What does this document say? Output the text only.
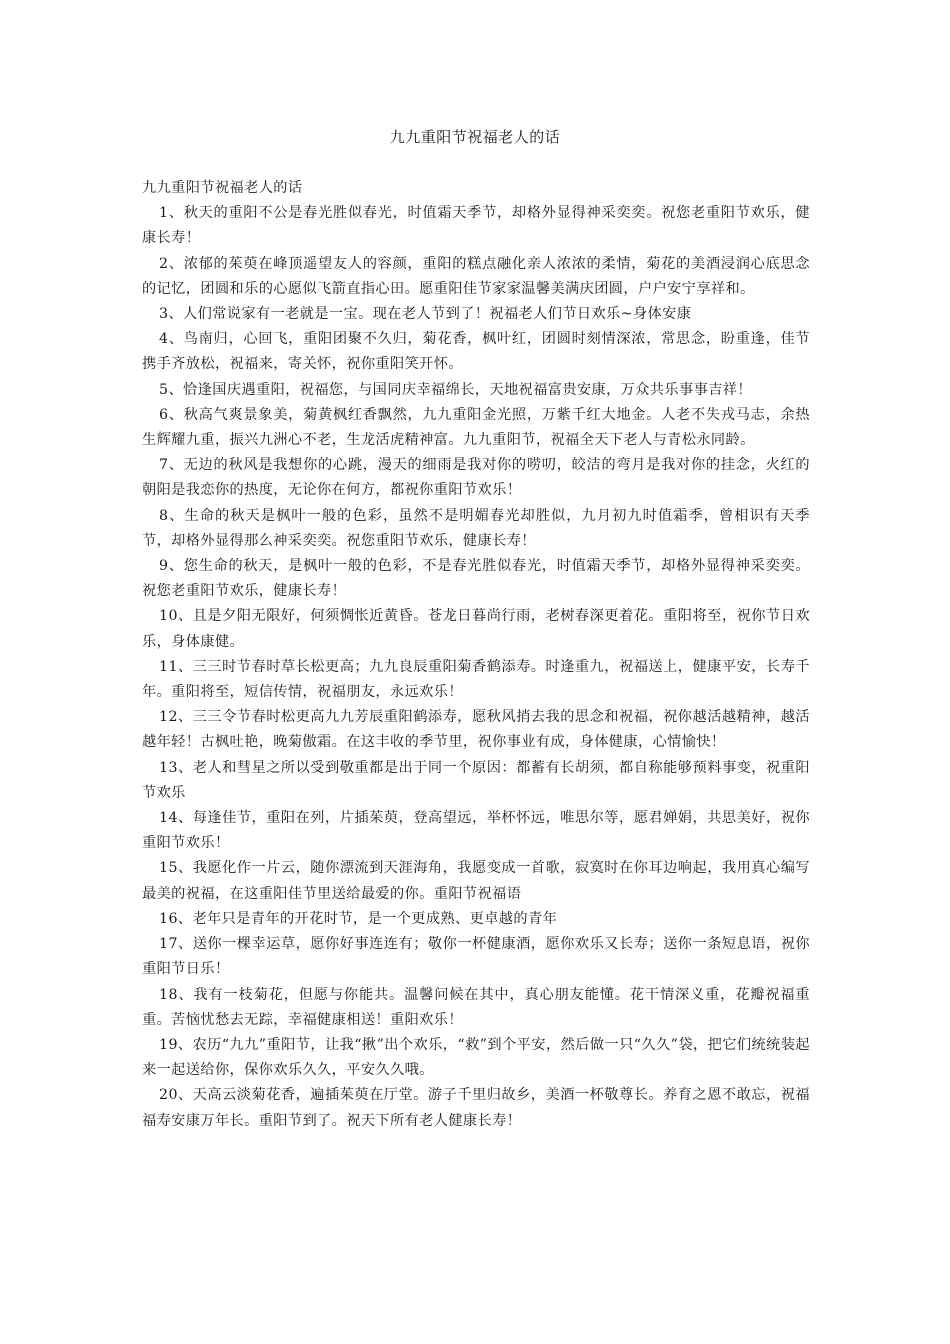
九九重阳节祝福老人的话

九九重阳节祝福老人的话

1、秋天的重阳不公是春光胜似春光，时值霜天季节，却格外显得神采奕奕。祝您老重阳节欢乐，健康长寿！

2、浓郁的茱萸在峰顶遥望友人的容颜，重阳的糕点融化亲人浓浓的柔情，菊花的美酒浸润心底思念的记忆，团圆和乐的心愿似飞箭直指心田。愿重阳佳节家家温馨美满庆团圆，户户安宁享祥和。

3、人们常说家有一老就是一宝。现在老人节到了！祝福老人们节日欢乐~身体安康

4、鸟南归，心回飞，重阳团聚不久归，菊花香，枫叶红，团圆时刻情深浓，常思念，盼重逢，佳节携手齐放松，祝福来，寄关怀，祝你重阳笑开怀。

5、恰逢国庆遇重阳，祝福您，与国同庆幸福绵长，天地祝福富贵安康，万众共乐事事吉祥！

6、秋高气爽景象美，菊黄枫红香飘然，九九重阳金光照，万紫千红大地金。人老不失戎马志，余热生辉耀九重，振兴九洲心不老，生龙活虎精神富。九九重阳节，祝福全天下老人与青松永同龄。

7、无边的秋风是我想你的心跳，漫天的细雨是我对你的唠叨，皎洁的弯月是我对你的挂念，火红的朝阳是我恋你的热度，无论你在何方，都祝你重阳节欢乐！

8、生命的秋天是枫叶一般的色彩，虽然不是明媚春光却胜似，九月初九时值霜季，曾相识有天季节，却格外显得那么神采奕奕。祝您重阳节欢乐，健康长寿！

9、您生命的秋天，是枫叶一般的色彩，不是春光胜似春光，时值霜天季节，却格外显得神采奕奕。祝您老重阳节欢乐，健康长寿！

10、且是夕阳无限好，何须惆怅近黄昏。苍龙日暮尚行雨，老树春深更着花。重阳将至，祝你节日欢乐，身体康健。

11、三三时节春时草长松更高；九九良辰重阳菊香鹤添寿。时逢重九，祝福送上，健康平安，长寿千年。重阳将至，短信传情，祝福朋友，永远欢乐！

12、三三令节春时松更高九九芳辰重阳鹤添寿，愿秋风捎去我的思念和祝福，祝你越活越精神，越活越年轻！古枫吐艳，晚菊傲霜。在这丰收的季节里，祝你事业有成，身体健康，心情愉快！

13、老人和彗星之所以受到敬重都是出于同一个原因：都蓄有长胡须，都自称能够预料事变，祝重阳节欢乐

14、每逢佳节，重阳在列，片插茱萸，登高望远，举杯怀远，唯思尔等，愿君婵娟，共思美好，祝你重阳节欢乐！

15、我愿化作一片云，随你漂流到天涯海角，我愿变成一首歌，寂寞时在你耳边响起，我用真心编写最美的祝福，在这重阳佳节里送给最爱的你。重阳节祝福语

16、老年只是青年的开花时节，是一个更成熟、更卓越的青年

17、送你一棵幸运草，愿你好事连连有；敬你一杯健康酒，愿你欢乐又长寿；送你一条短息语，祝你重阳节日乐！

18、我有一枝菊花，但愿与你能共。温馨问候在其中，真心朋友能懂。花干情深义重，花瓣祝福重重。苦恼忧愁去无踪，幸福健康相送！重阳欢乐！

19、农历“九九”重阳节，让我“揪”出个欢乐，“救”到个平安，然后做一只“久久”袋，把它们统统装起来一起送给你，保你欢乐久久，平安久久哦。

20、天高云淡菊花香，遍插茱萸在厅堂。游子千里归故乡，美酒一杯敬尊长。养育之恩不敢忘，祝福福寿安康万年长。重阳节到了。祝天下所有老人健康长寿！
